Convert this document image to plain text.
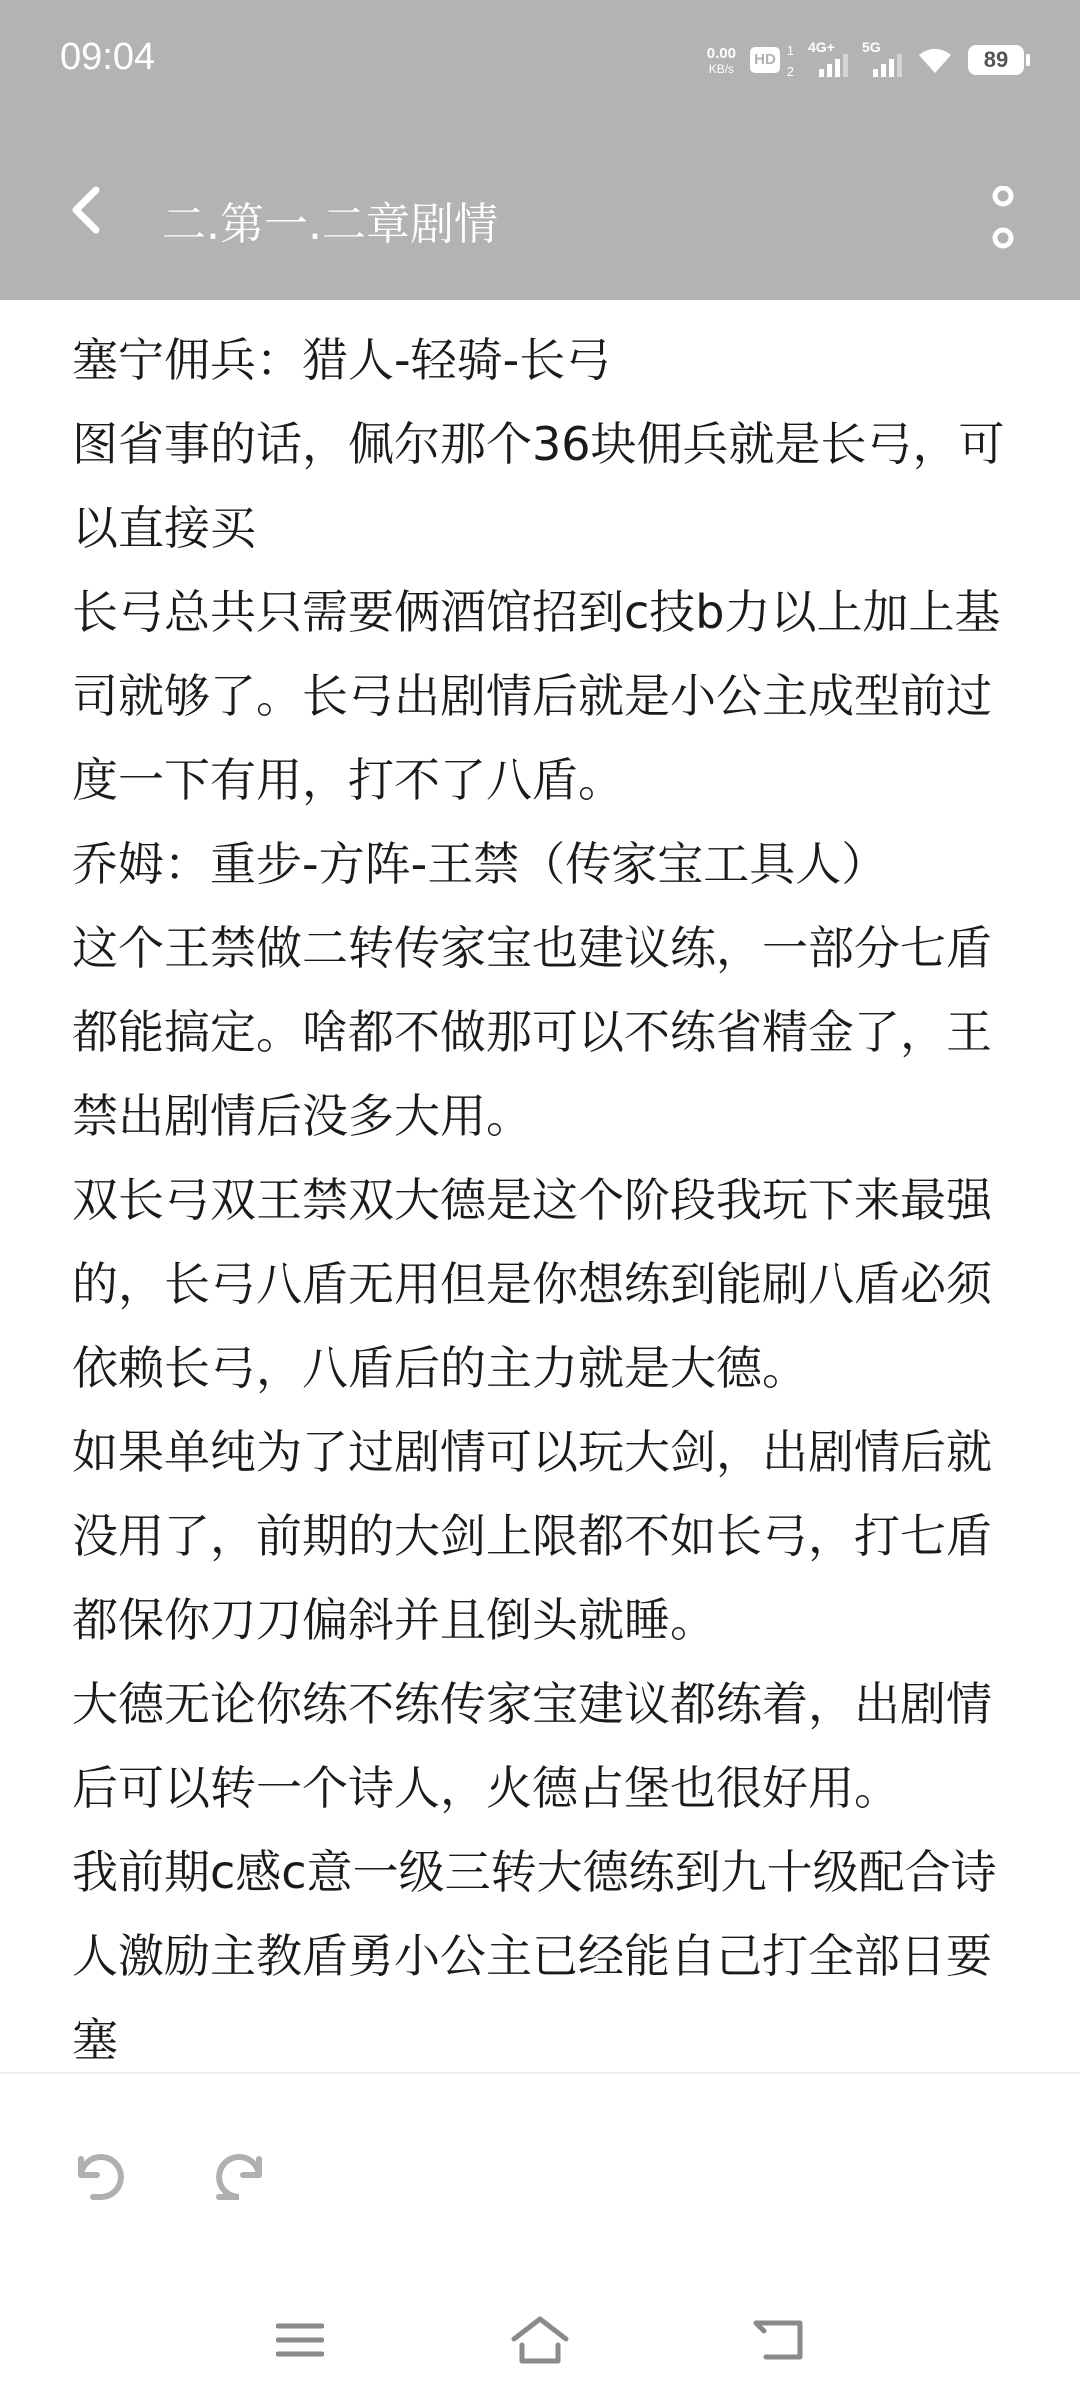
09:04	0.00
KB/s
HD
1
2
4G+ 5G	89
二.第一.二章剧情

塞宁佣兵：猎人-轻骑-长弓

图省事的话，佩尔那个36块佣兵就是长弓，可以直接买

长弓总共只需要俩酒馆招到c技b力以上加上基司就够了。长弓出剧情后就是小公主成型前过度一下有用，打不了八盾。

乔姆：重步-方阵-王禁（传家宝工具人）

这个王禁做二转传家宝也建议练，一部分七盾都能搞定。啥都不做那可以不练省精金了，王禁出剧情后没多大用。

双长弓双王禁双大德是这个阶段我玩下来最强的，长弓八盾无用但是你想练到能刷八盾必须依赖长弓，八盾后的主力就是大德。

如果单纯为了过剧情可以玩大剑，出剧情后就没用了，前期的大剑上限都不如长弓，打七盾都保你刀刀偏斜并且倒头就睡。

大德无论你练不练传家宝建议都练着，出剧情后可以转一个诗人，火德占堡也很好用。

我前期c感c意一级三转大德练到九十级配合诗人激励主教盾勇小公主已经能自己打全部日要塞
